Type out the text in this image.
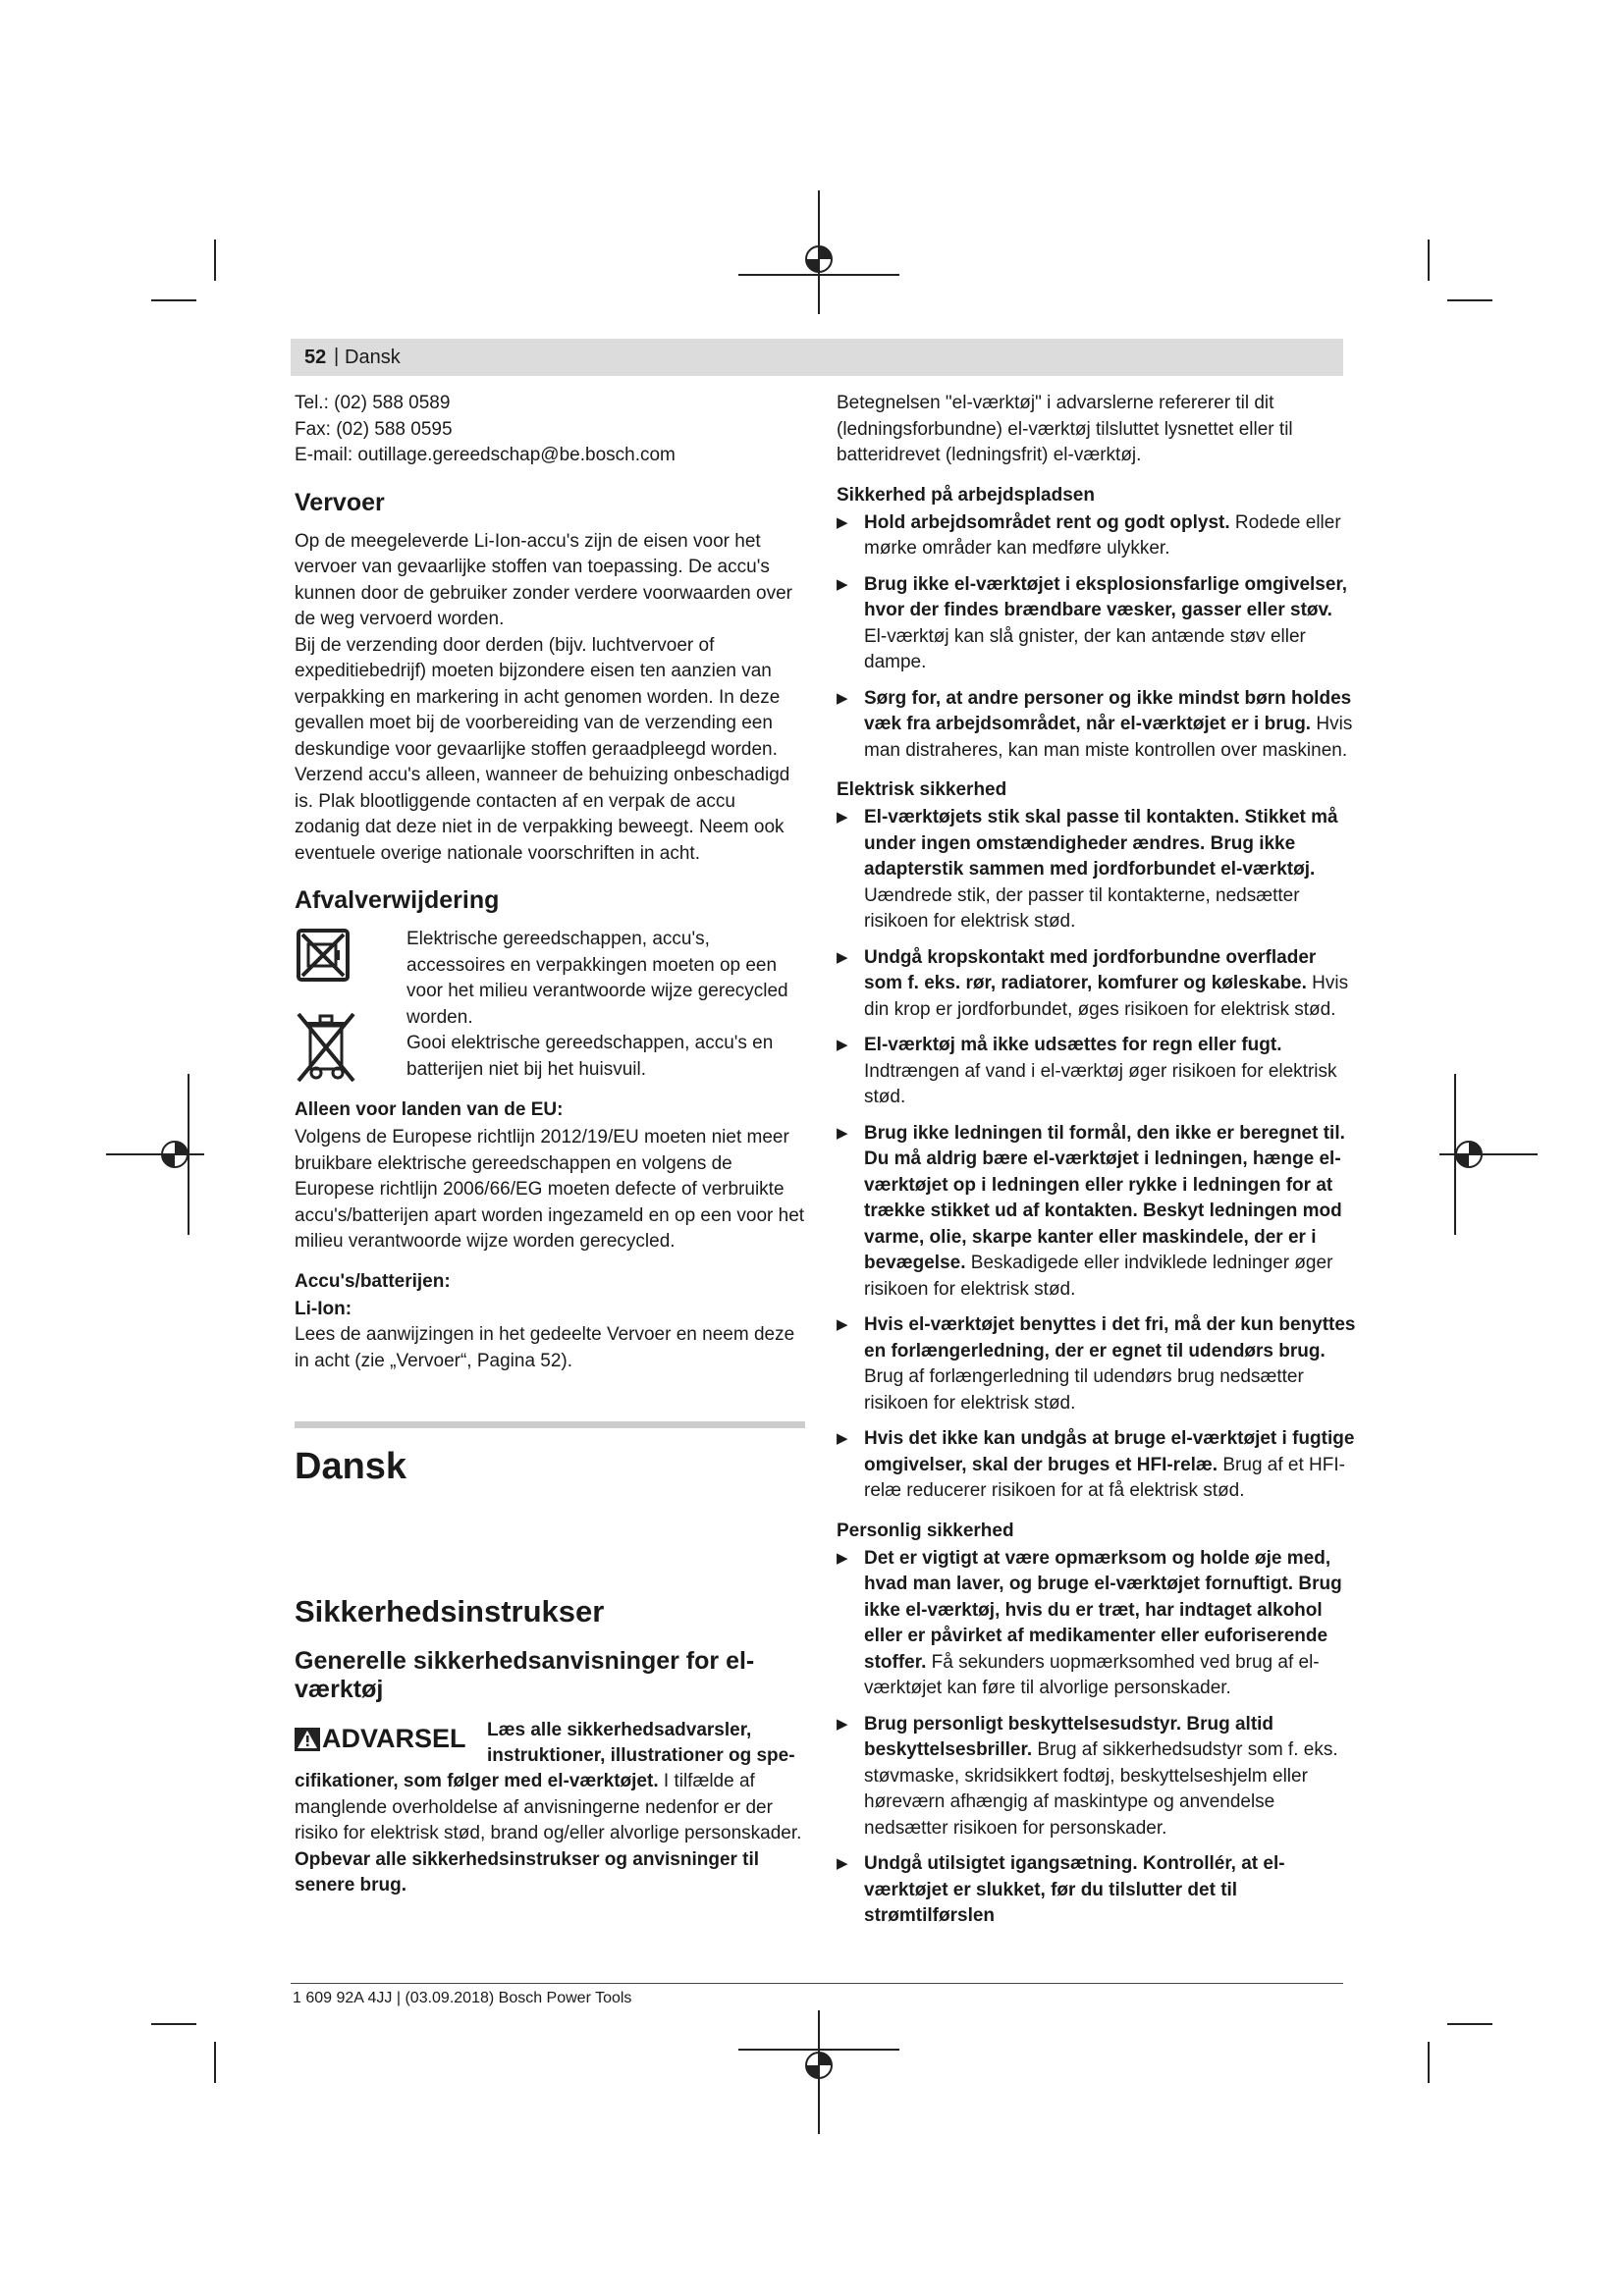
52 | Dansk

Tel.: (02) 588 0589

Fax: (02) 588 0595

E-mail: outillage.gereedschap@be.bosch.com

Vervoer

Op de meegeleverde Li-Ion-accu's zijn de eisen voor het vervoer van gevaarlijke stoffen van toepassing. De accu's kunnen door de gebruiker zonder verdere voorwaarden over de weg vervoerd worden.

Bij de verzending door derden (bijv. luchtvervoer of expeditiebedrijf) moeten bijzondere eisen ten aanzien van verpakking en markering in acht genomen worden. In deze gevallen moet bij de voorbereiding van de verzending een deskundige voor gevaarlijke stoffen geraadpleegd worden.

Verzend accu's alleen, wanneer de behuizing onbeschadigd is. Plak blootliggende contacten af en verpak de accu zodanig dat deze niet in de verpakking beweegt. Neem ook eventuele overige nationale voorschriften in acht.

Afvalverwijdering

Elektrische gereedschappen, accu's, accessoires en verpakkingen moeten op een voor het milieu verantwoorde wijze gerecycled worden.

Gooi elektrische gereedschappen, accu's en batterijen niet bij het huisvuil.

Alleen voor landen van de EU:

Volgens de Europese richtlijn 2012/19/EU moeten niet meer bruikbare elektrische gereedschappen en volgens de Europese richtlijn 2006/66/EG moeten defecte of verbruikte accu's/batterijen apart worden ingezameld en op een voor het milieu verantwoorde wijze worden gerecycled.

Accu's/batterijen:

Li-Ion:

Lees de aanwijzingen in het gedeelte Vervoer en neem deze in acht (zie „Vervoer“, Pagina 52).

Dansk
Sikkerhedsinstrukser
Generelle sikkerhedsanvisninger for el-værktøj
ADVARSEL Læs alle sikkerhedsadvarsler, instruktioner, illustrationer og spe-

cifikationer, som følger med el-værktøjet. I tilfælde af manglende overholdelse af anvisningerne nedenfor er der risiko for elektrisk stød, brand og/eller alvorlige personskader.

Opbevar alle sikkerhedsinstrukser og anvisninger til senere brug.

Betegnelsen "el-værktøj" i advarslerne refererer til dit (ledningsforbundne) el-værktøj tilsluttet lysnettet eller til batteridrevet (ledningsfrit) el-værktøj.

Sikkerhed på arbejdspladsen
▶ Hold arbejdsområdet rent og godt oplyst. Rodede eller mørke områder kan medføre ulykker.
▶ Brug ikke el-værktøjet i eksplosionsfarlige omgivelser, hvor der findes brændbare væsker, gasser eller støv. El-værktøj kan slå gnister, der kan antænde støv eller dampe.
▶ Sørg for, at andre personer og ikke mindst børn holdes væk fra arbejdsområdet, når el-værktøjet er i brug. Hvis man distraheres, kan man miste kontrollen over maskinen.
Elektrisk sikkerhed
▶ El-værktøjets stik skal passe til kontakten. Stikket må under ingen omstændigheder ændres. Brug ikke adapterstik sammen med jordforbundet el-værktøj. Uændrede stik, der passer til kontakterne, nedsætter risikoen for elektrisk stød.
▶ Undgå kropskontakt med jordforbundne overflader som f. eks. rør, radiatorer, komfurer og køleskabe. Hvis din krop er jordforbundet, øges risikoen for elektrisk stød.
▶ El-værktøj må ikke udsættes for regn eller fugt. Indtrængen af vand i el-værktøj øger risikoen for elektrisk stød.
▶ Brug ikke ledningen til formål, den ikke er beregnet til. Du må aldrig bære el-værktøjet i ledningen, hænge el-værktøjet op i ledningen eller rykke i ledningen for at trække stikket ud af kontakten. Beskyt ledningen mod varme, olie, skarpe kanter eller maskindele, der er i bevægelse. Beskadigede eller indviklede ledninger øger risikoen for elektrisk stød.
▶ Hvis el-værktøjet benyttes i det fri, må der kun benyttes en forlængerledning, der er egnet til udendørs brug. Brug af forlængerledning til udendørs brug nedsætter risikoen for elektrisk stød.
▶ Hvis det ikke kan undgås at bruge el-værktøjet i fugtige omgivelser, skal der bruges et HFI-relæ. Brug af et HFI-relæ reducerer risikoen for at få elektrisk stød.
Personlig sikkerhed
▶ Det er vigtigt at være opmærksom og holde øje med, hvad man laver, og bruge el-værktøjet fornuftigt. Brug ikke el-værktøj, hvis du er træt, har indtaget alkohol eller er påvirket af medikamenter eller euforiserende stoffer. Få sekunders uopmærksomhed ved brug af el-værktøjet kan føre til alvorlige personskader.
▶ Brug personligt beskyttelsesudstyr. Brug altid beskyttelsesbriller. Brug af sikkerhedsudstyr som f. eks. støvmaske, skridsikkert fodtøj, beskyttelseshjelm eller høreværn afhængig af maskintype og anvendelse nedsætter risikoen for personskader.
▶ Undgå utilsigtet igangsætning. Kontrollér, at el-værktøjet er slukket, før du tilslutter det til strømtilførslen
1 609 92A 4JJ | (03.09.2018) Bosch Power Tools
